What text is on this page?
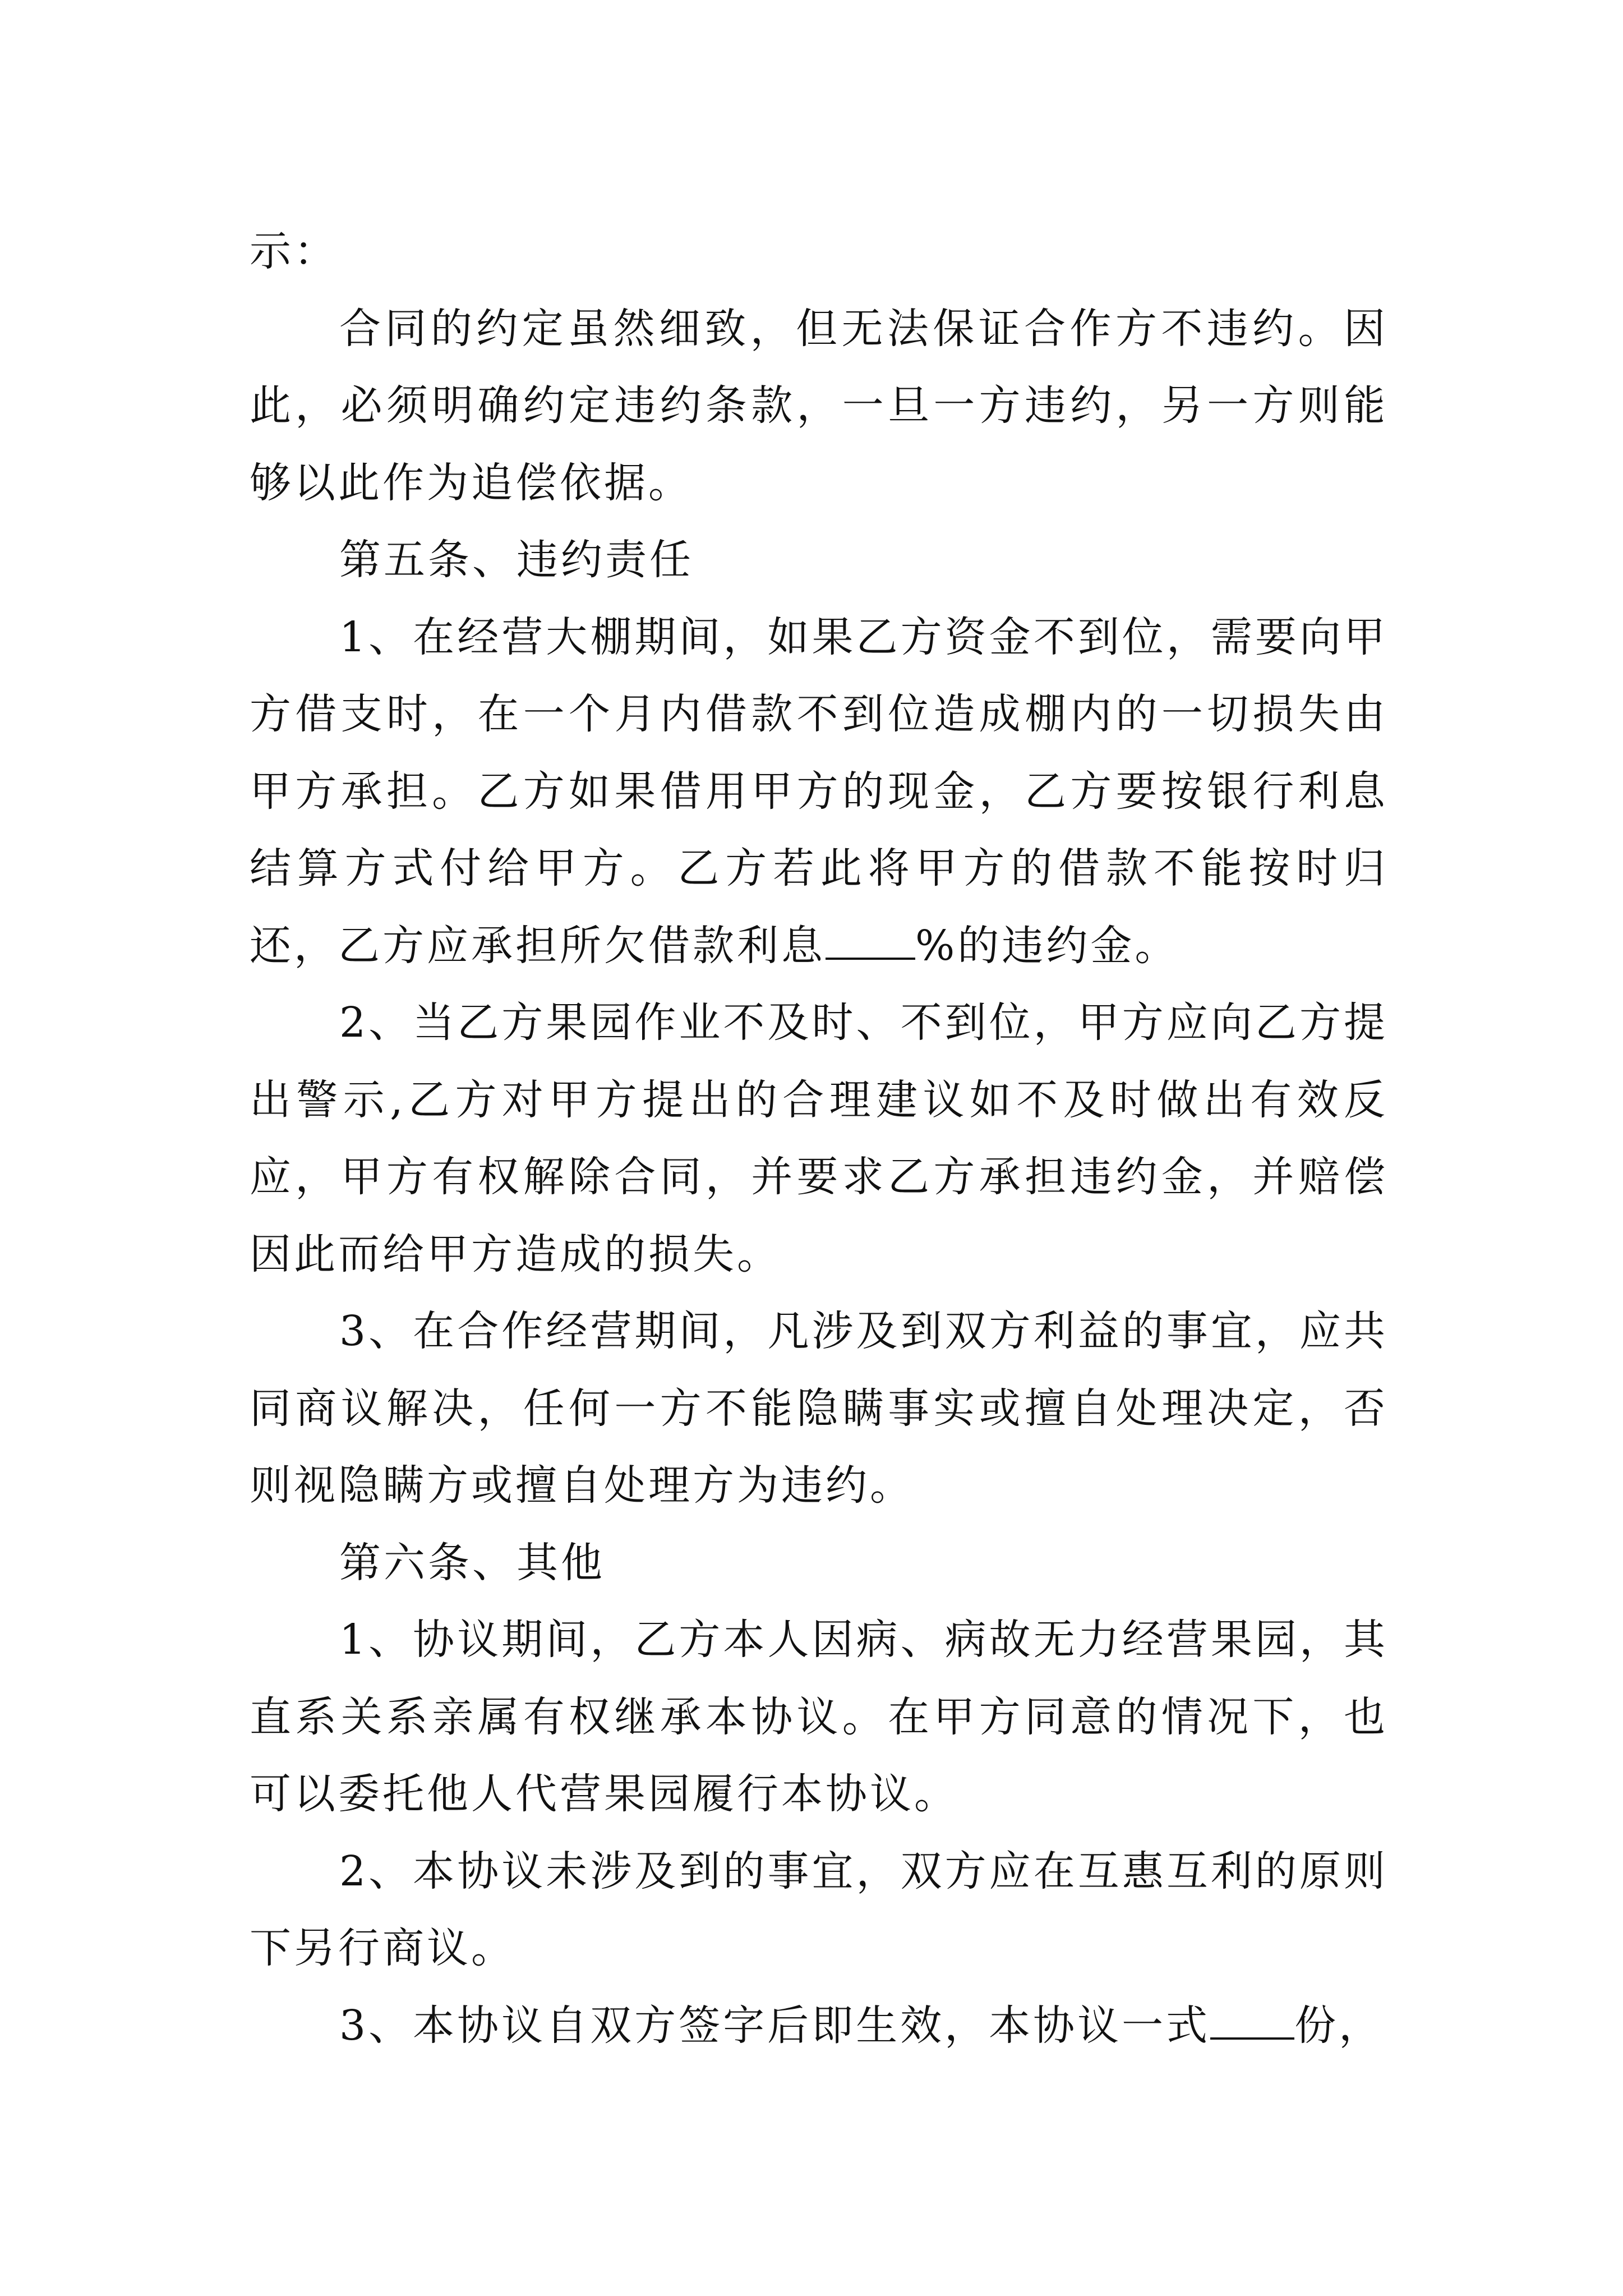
示：

合同的约定虽然细致，但无法保证合作方不违约。因此，必须明确约定违约条款，一旦一方违约，另一方则能够以此作为追偿依据。

第五条、违约责任

1、在经营大棚期间，如果乙方资金不到位，需要向甲方借支时，在一个月内借款不到位造成棚内的一切损失由甲方承担。乙方如果借用甲方的现金，乙方要按银行利息结算方式付给甲方。乙方若此将甲方的借款不能按时归还，乙方应承担所欠借款利息 %的违约金。

2、当乙方果园作业不及时、不到位，甲方应向乙方提出警示,乙方对甲方提出的合理建议如不及时做出有效反应，甲方有权解除合同，并要求乙方承担违约金，并赔偿因此而给甲方造成的损失。

3、在合作经营期间，凡涉及到双方利益的事宜，应共同商议解决，任何一方不能隐瞒事实或擅自处理决定，否则视隐瞒方或擅自处理方为违约。

第六条、其他

1、协议期间，乙方本人因病、病故无力经营果园，其直系关系亲属有权继承本协议。在甲方同意的情况下，也可以委托他人代营果园履行本协议。

2、本协议未涉及到的事宜，双方应在互惠互利的原则下另行商议。

3、本协议自双方签字后即生效，本协议一式 份，
